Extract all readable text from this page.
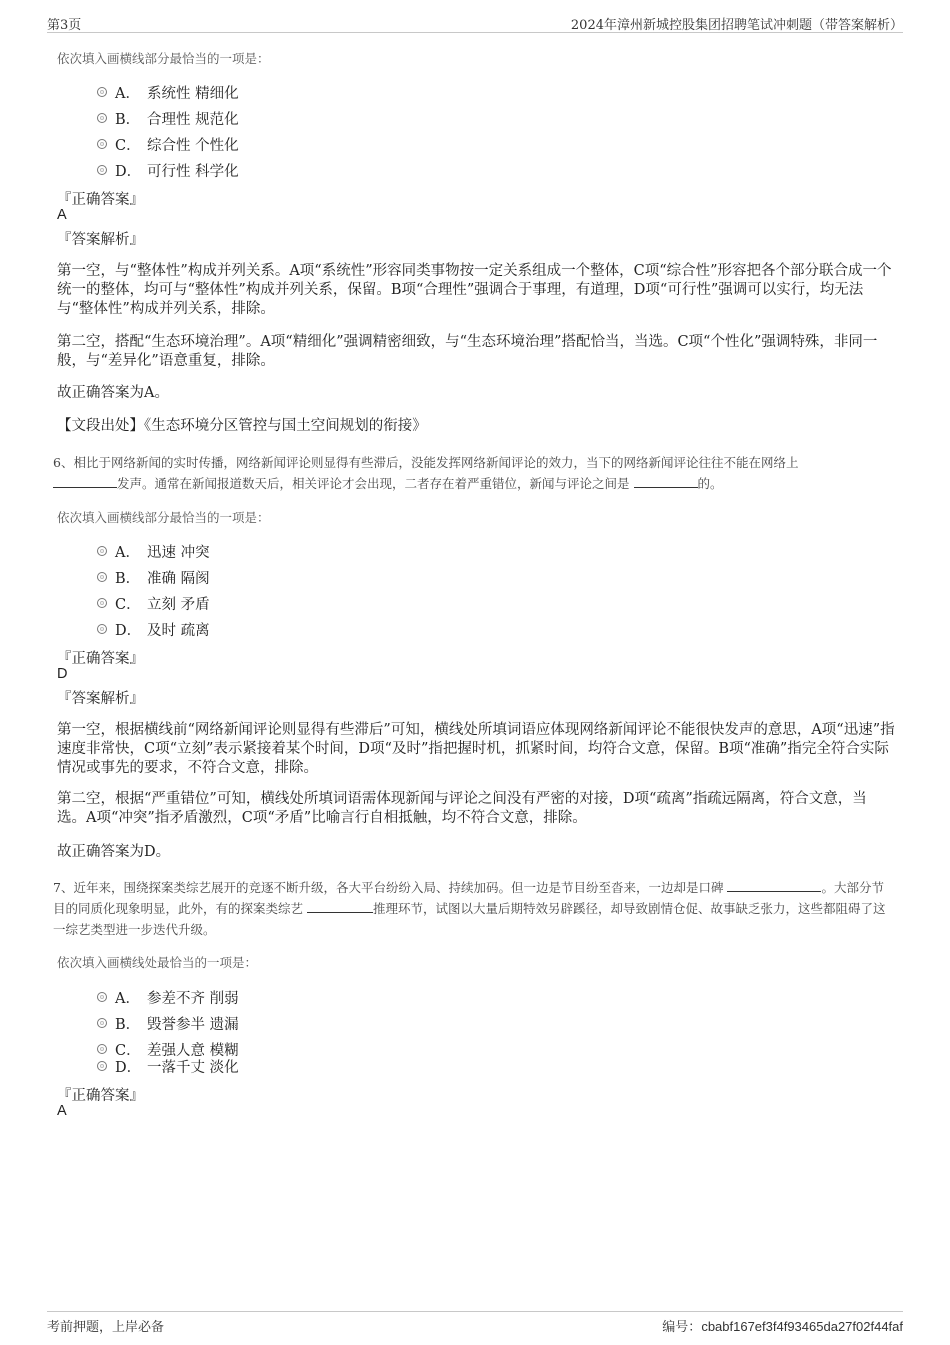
第3页	2024年漳州新城控股集团招聘笔试冲刺题（带答案解析）
依次填入画横线部分最恰当的一项是：
A． 系统性 精细化
B． 合理性 规范化
C． 综合性 个性化
D． 可行性 科学化
『正确答案』
A
『答案解析』
第一空，与“整体性”构成并列关系。A项“系统性”形容同类事物按一定关系组成一个整体，C项“综合性”形容把各个部分联合成一个统一的整体，均可与“整体性”构成并列关系，保留。B项“合理性”强调合于事理，有道理，D项“可行性”强调可以实行，均无法与“整体性”构成并列关系，排除。
第二空，搭配“生态环境治理”。A项“精细化”强调精密细致，与“生态环境治理”搭配恰当，当选。C项“个性化”强调特殊，非同一般，与“差异化”语意重复，排除。
故正确答案为A。
【文段出处】《生态环境分区管控与国土空间规划的衔接》
6、相比于网络新闻的实时传播，网络新闻评论则显得有些滞后，没能发挥网络新闻评论的效力，当下的网络新闻评论往往不能在网络上
发声。通常在新闻报道数天后，相关评论才会出现，二者存在着严重错位，新闻与评论之间是	的。
依次填入画横线部分最恰当的一项是：
A． 迅速 冲突
B． 准确 隔阂
C． 立刻 矛盾
D． 及时 疏离
『正确答案』
D
『答案解析』
第一空，根据横线前“网络新闻评论则显得有些滞后”可知，横线处所填词语应体现网络新闻评论不能很快发声的意思，A项“迅速”指速度非常快，C项“立刻”表示紧接着某个时间，D项“及时”指把握时机，抓紧时间，均符合文意，保留。B项“准确”指完全符合实际情况或事先的要求，不符合文意，排除。
第二空，根据“严重错位”可知，横线处所填词语需体现新闻与评论之间没有严密的对接，D项“疏离”指疏远隔离，符合文意，当选。A项“冲突”指矛盾激烈，C项“矛盾”比喻言行自相抵触，均不符合文意，排除。
故正确答案为D。
7、近年来，围绕探案类综艺展开的竞逐不断升级，各大平台纷纷入局、持续加码。但一边是节目纷至沓来，一边却是口碑	。大部分节目的同质化现象明显，此外，有的探案类综艺	推理环节，试图以大量后期特效另辟蹊径，却导致剧情仓促、故事缺乏张力，这些都阻碍了这一综艺类型进一步迭代升级。
依次填入画横线处最恰当的一项是：
A． 参差不齐 削弱
B． 毁誉参半 遗漏
C． 差强人意 模糊
D． 一落千丈 淡化
『正确答案』
A
考前押题，上岸必备	编号：cbabf167ef3f4f93465da27f02f44faf
